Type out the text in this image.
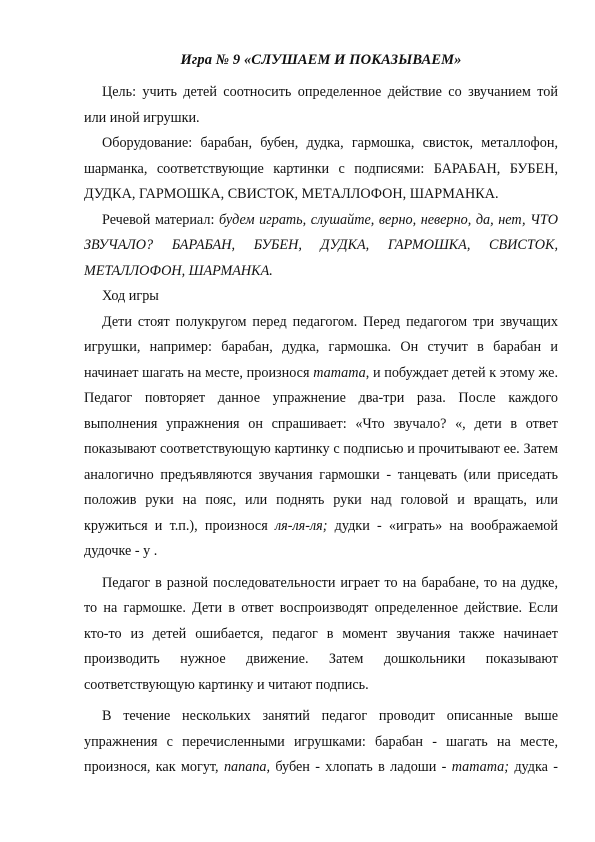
Игра № 9 «СЛУШАЕМ И ПОКАЗЫВАЕМ»

Цель: учить детей соотносить определенное действие со звучанием той или иной игрушки.

Оборудование: барабан, бубен, дудка, гармошка, свисток, металлофон, шарманка, соответствующие картинки с подписями: БАРАБАН, БУБЕН, ДУДКА, ГАРМОШКА, СВИСТОК, МЕТАЛЛОФОН, ШАРМАНКА.

Речевой материал: будем играть, слушайте, верно, неверно, да, нет, ЧТО ЗВУЧАЛО? БАРАБАН, БУБЕН, ДУДКА, ГАРМОШКА, СВИСТОК, МЕТАЛЛОФОН, ШАРМАНКА.

Ход игры

Дети стоят полукругом перед педагогом. Перед педагогом три звучащих игрушки, например: барабан, дудка, гармошка. Он стучит в барабан и начинает шагать на месте, произнося татата, и побуждает детей к этому же. Педагог повторяет данное упражнение два-три раза. После каждого выполнения упражнения он спрашивает: «Что звучало? «, дети в ответ показывают соответствующую картинку с подписью и прочитывают ее. Затем аналогично предъявляются звучания гармошки - танцевать (или приседать положив руки на пояс, или поднять руки над головой и вращать, или кружиться и т.п.), произнося ля-ля-ля; дудки - «играть» на воображаемой дудочке - у .

Педагог в разной последовательности играет то на барабане, то на дудке, то на гармошке. Дети в ответ воспроизводят определенное действие. Если кто-то из детей ошибается, педагог в момент звучания также начинает производить нужное движение. Затем дошкольники показывают соответствующую картинку и читают подпись.

В течение нескольких занятий педагог проводит описанные выше упражнения с перечисленными игрушками: барабан - шагать на месте, произнося, как могут, папапа, бубен - хлопать в ладоши - татата; дудка -
